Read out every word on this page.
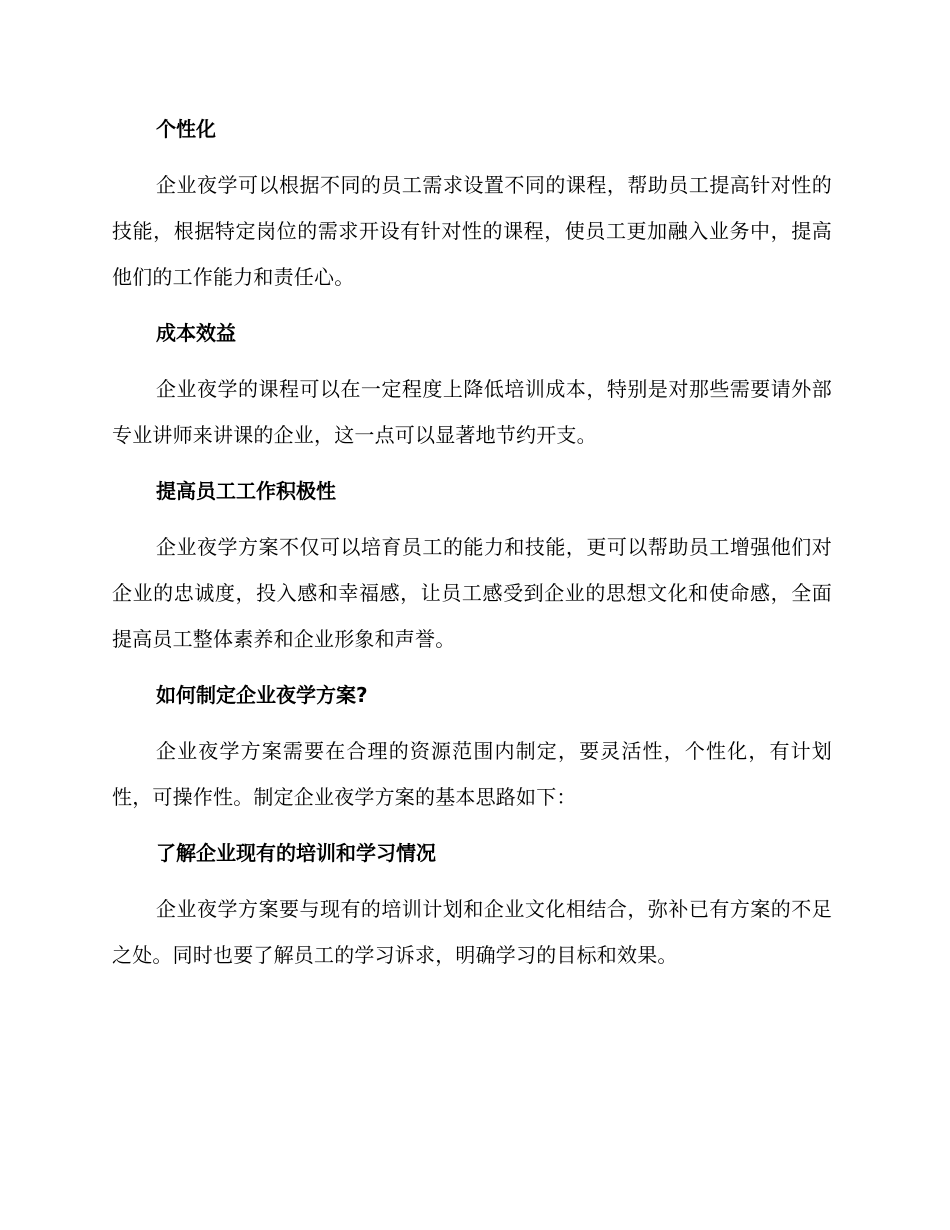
个性化

企业夜学可以根据不同的员工需求设置不同的课程，帮助员工提高针对性的技能，根据特定岗位的需求开设有针对性的课程，使员工更加融入业务中，提高他们的工作能力和责任心。

成本效益

企业夜学的课程可以在一定程度上降低培训成本，特别是对那些需要请外部专业讲师来讲课的企业，这一点可以显著地节约开支。

提高员工工作积极性

企业夜学方案不仅可以培育员工的能力和技能，更可以帮助员工增强他们对企业的忠诚度，投入感和幸福感，让员工感受到企业的思想文化和使命感，全面提高员工整体素养和企业形象和声誉。

如何制定企业夜学方案?

企业夜学方案需要在合理的资源范围内制定，要灵活性，个性化，有计划性，可操作性。制定企业夜学方案的基本思路如下：

了解企业现有的培训和学习情况

企业夜学方案要与现有的培训计划和企业文化相结合，弥补已有方案的不足之处。同时也要了解员工的学习诉求，明确学习的目标和效果。
